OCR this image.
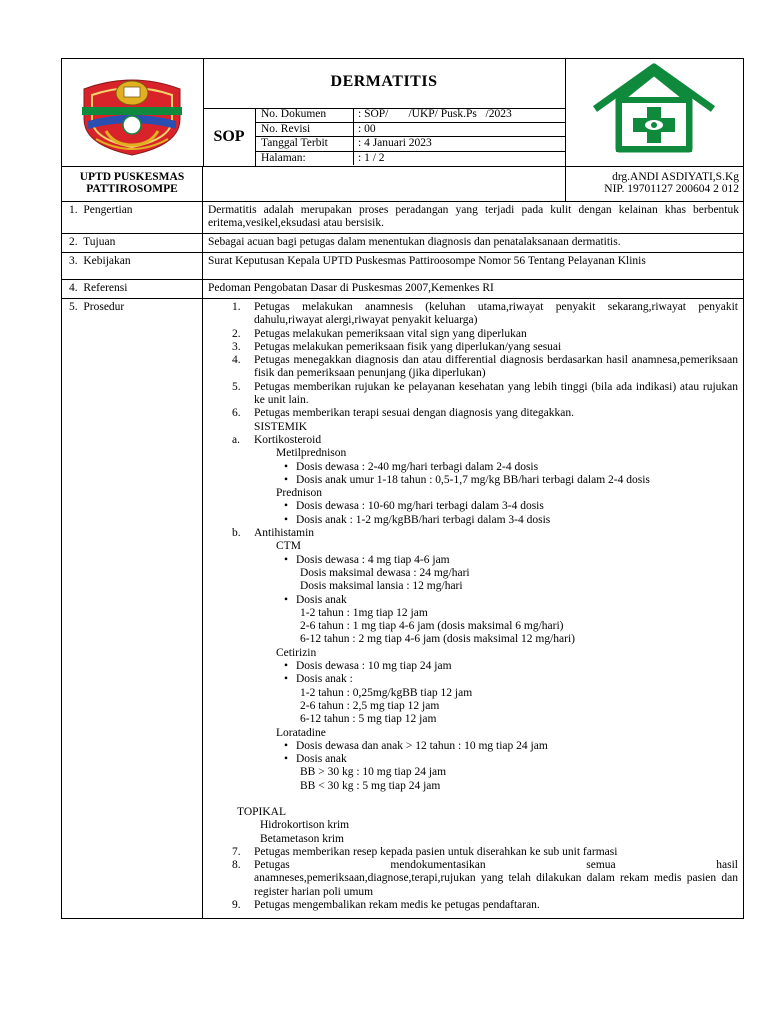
DERMATITIS
SOP
No. Dokumen	: SOP/       /UKP/ Pusk.Ps   /2023
No. Revisi	: 00
Tanggal Terbit	: 4 Januari 2023
Halaman:	: 1 / 2
UPTD PUSKESMAS
PATTIROSOMPE
drg.ANDI ASDIYATI,S.Kg
NIP. 19701127 200604 2 012
1.  Pengertian	Dermatitis adalah merupakan proses peradangan yang terjadi pada kulit dengan kelainan khas berbentuk eritema,vesikel,eksudasi atau bersisik.
2.  Tujuan	Sebagai acuan bagi petugas dalam menentukan diagnosis dan penatalaksanaan dermatitis.
3.  Kebijakan	Surat Keputusan Kepala UPTD Puskesmas Pattiroosompe Nomor 56 Tentang Pelayanan Klinis
4.  Referensi	Pedoman Pengobatan Dasar di Puskesmas 2007,Kemenkes RI
5.  Prosedur	1.	Petugas melakukan anamnesis (keluhan utama,riwayat penyakit sekarang,riwayat penyakit dahulu,riwayat alergi,riwayat penyakit keluarga)
2.	Petugas melakukan pemeriksaan vital sign yang diperlukan
3.	Petugas melakukan pemeriksaan fisik yang diperlukan/yang sesuai
4.	Petugas menegakkan diagnosis dan atau differential diagnosis berdasarkan hasil anamnesa,pemeriksaan fisik dan pemeriksaan penunjang (jika diperlukan)
5.	Petugas memberikan rujukan ke pelayanan kesehatan yang lebih tinggi (bila ada indikasi) atau rujukan ke unit lain.
6.	Petugas memberikan terapi sesuai dengan diagnosis yang ditegakkan.
SISTEMIK
a.	Kortikosteroid
Metilprednison
• Dosis dewasa : 2-40 mg/hari terbagi dalam 2-4 dosis
• Dosis anak umur 1-18 tahun : 0,5-1,7 mg/kg BB/hari terbagi dalam 2-4 dosis
Prednison
• Dosis dewasa : 10-60 mg/hari terbagi dalam 3-4 dosis
• Dosis anak : 1-2 mg/kgBB/hari terbagi dalam 3-4 dosis
b.	Antihistamin
CTM
• Dosis dewasa : 4 mg tiap 4-6 jam
Dosis maksimal dewasa : 24 mg/hari
Dosis maksimal lansia : 12 mg/hari
• Dosis anak
1-2 tahun : 1mg tiap 12 jam
2-6 tahun : 1 mg tiap 4-6 jam (dosis maksimal 6 mg/hari)
6-12 tahun : 2 mg tiap 4-6 jam (dosis maksimal 12 mg/hari)
Cetirizin
• Dosis dewasa : 10 mg tiap 24 jam
• Dosis anak :
1-2 tahun : 0,25mg/kgBB tiap 12 jam
2-6 tahun : 2,5 mg tiap 12 jam
6-12 tahun : 5 mg tiap 12 jam
Loratadine
• Dosis dewasa dan anak > 12 tahun : 10 mg tiap 24 jam
• Dosis anak
BB > 30 kg : 10 mg tiap 24 jam
BB < 30 kg : 5 mg tiap 24 jam
TOPIKAL
Hidrokortison krim
Betametason krim
7.	Petugas memberikan resep kepada pasien untuk diserahkan ke sub unit farmasi
8.	Petugas mendokumentasikan semua hasil
anamneses,pemeriksaan,diagnose,terapi,rujukan yang telah dilakukan dalam rekam medis pasien dan register harian poli umum
9.	Petugas mengembalikan rekam medis ke petugas pendaftaran.
